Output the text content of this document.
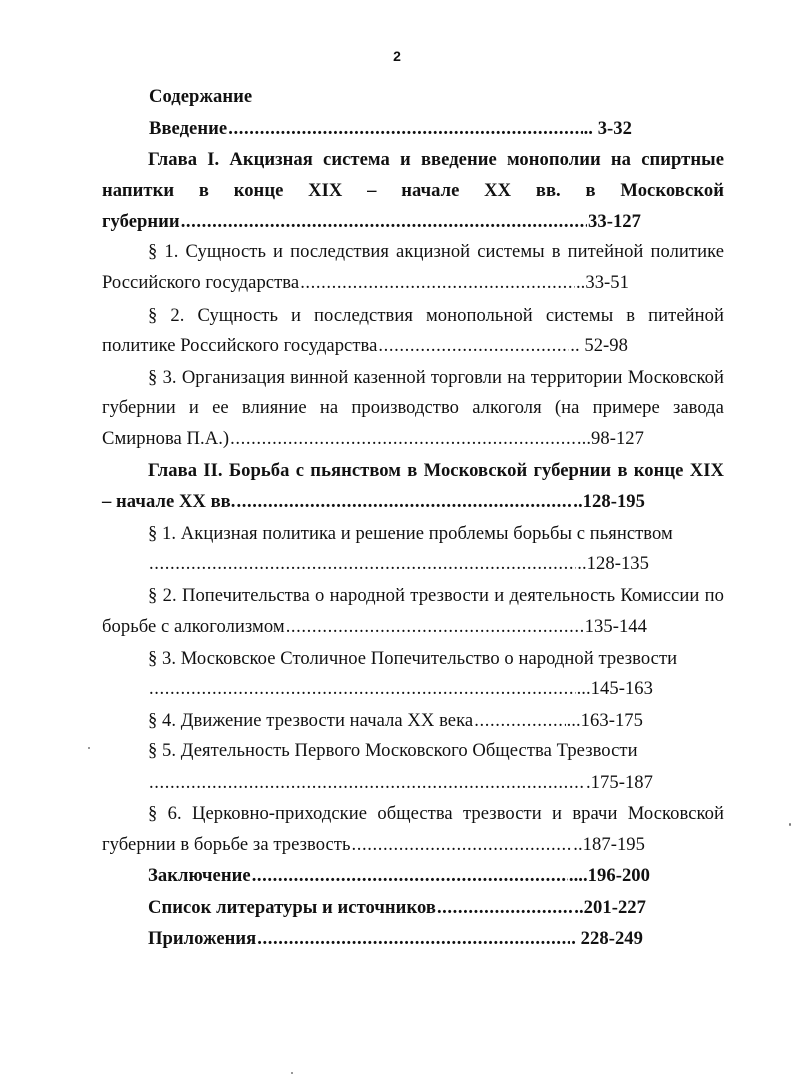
2
Содержание
Введение .....	.. 3-32
Глава I. Акцизная система и введение монополии на спиртные
напитки в конце XIX – начале XX вв. в Московской
губернии .....	33-127
§ 1. Сущность и последствия акцизной системы в питейной политике
Российского государства .....	..33-51
§ 2. Сущность и последствия монопольной системы в питейной
политике Российского государства .....	.. 52-98
§ 3. Организация винной казенной торговли на территории Московской
губернии и ее влияние на производство алкоголя (на примере завода
Смирнова П.А.) .....	...98-127
Глава II. Борьба с пьянством в Московской губернии в конце XIX
– начале XX вв. .....	..128-195
§ 1. Акцизная политика и решение проблемы борьбы с пьянством
.....
..128-135
§ 2. Попечительства о народной трезвости и деятельность Комиссии по
борьбе с алкоголизмом .....	135-144
§ 3. Московское Столичное Попечительство о народной трезвости
.....
...145-163
§ 4. Движение трезвости начала XX века .....	...163-175
§ 5. Деятельность Первого Московского Общества Трезвости
.....
.175-187
§ 6. Церковно-приходские общества трезвости и врачи Московской
губернии в борьбе за трезвость .....	..187-195
Заключение .....	....196-200
Список литературы и источников .....	..201-227
Приложения .....	. 228-249
